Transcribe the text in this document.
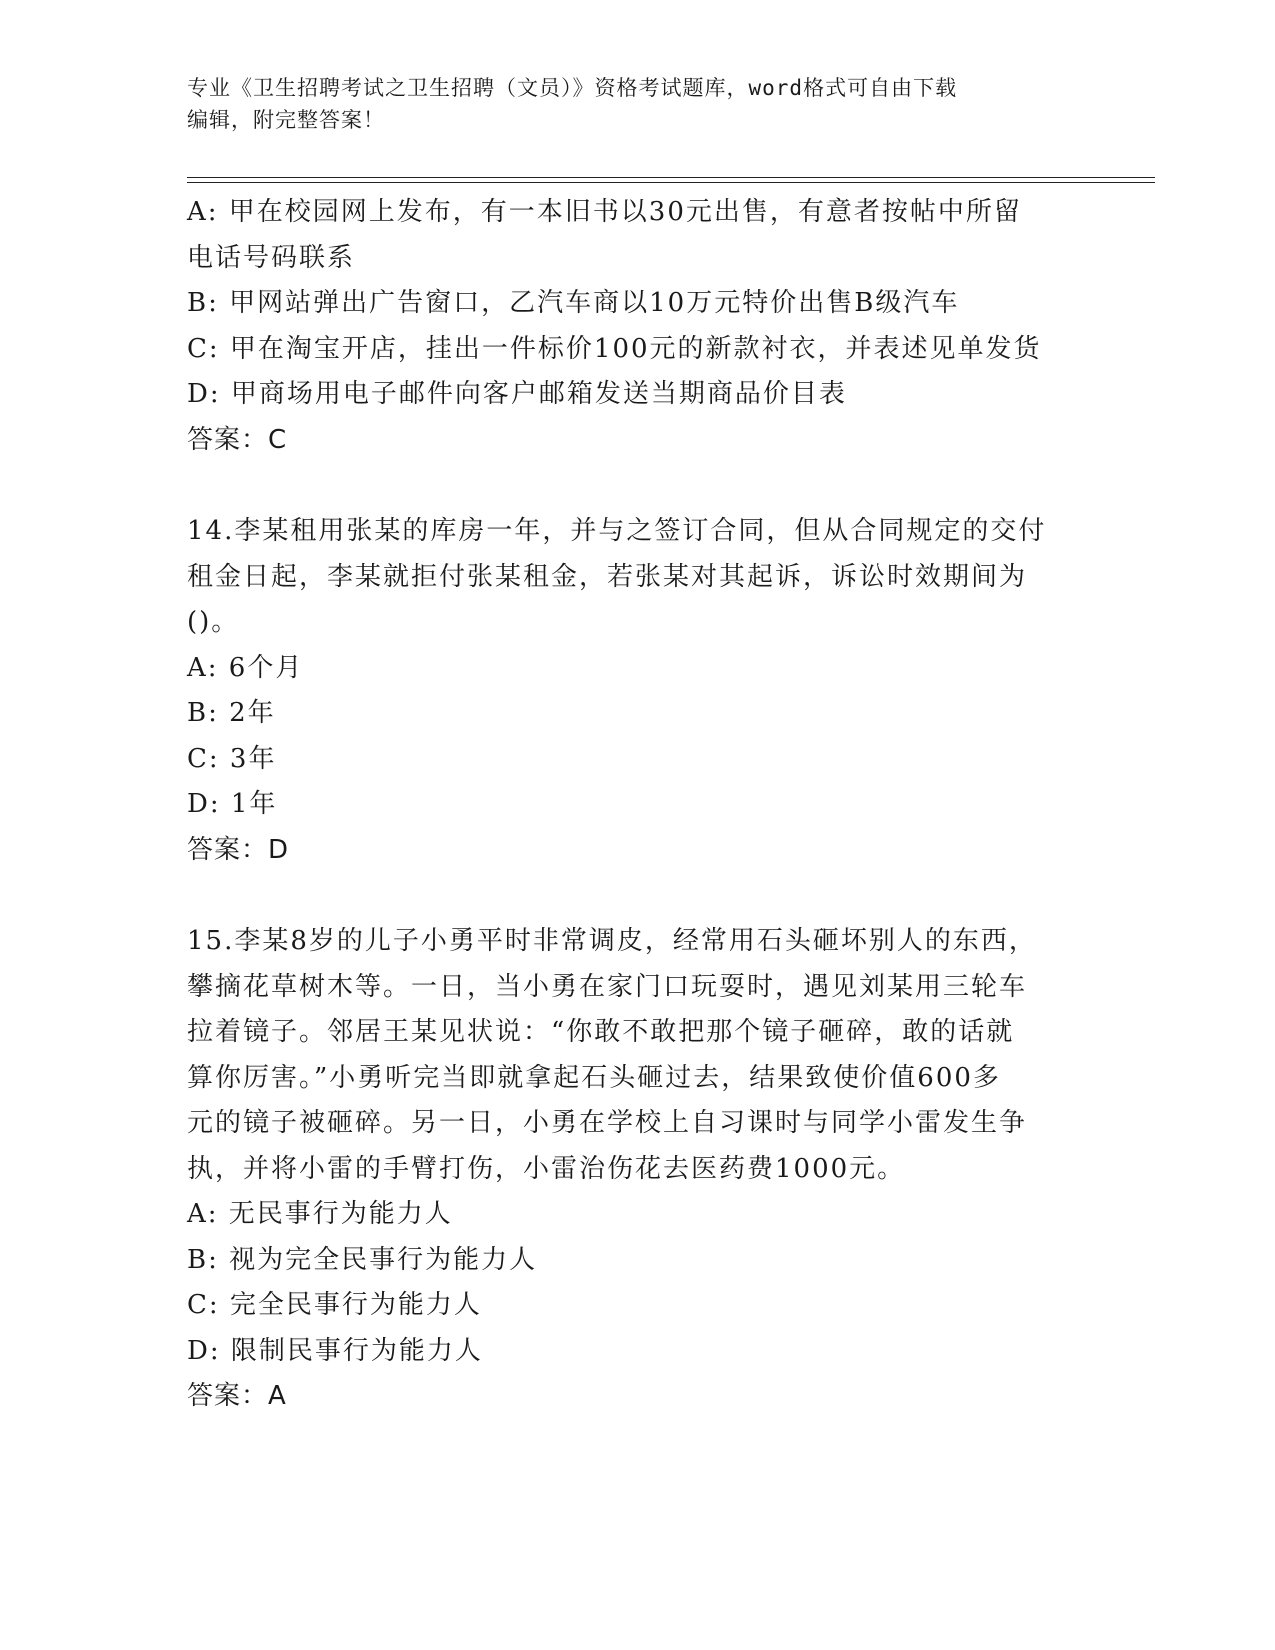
专业《卫生招聘考试之卫生招聘（文员）》资格考试题库，word格式可自由下载
编辑，附完整答案！
A: 甲在校园网上发布，有一本旧书以30元出售，有意者按帖中所留
电话号码联系
B: 甲网站弹出广告窗口，乙汽车商以10万元特价出售B级汽车
C: 甲在淘宝开店，挂出一件标价100元的新款衬衣，并表述见单发货
D: 甲商场用电子邮件向客户邮箱发送当期商品价目表
答案：C
14.李某租用张某的库房一年，并与之签订合同，但从合同规定的交付
租金日起，李某就拒付张某租金，若张某对其起诉，诉讼时效期间为
()。
A: 6个月
B: 2年
C: 3年
D: 1年
答案：D
15.李某8岁的儿子小勇平时非常调皮，经常用石头砸坏别人的东西，
攀摘花草树木等。一日，当小勇在家门口玩耍时，遇见刘某用三轮车
拉着镜子。邻居王某见状说：“你敢不敢把那个镜子砸碎，敢的话就
算你厉害。”小勇听完当即就拿起石头砸过去，结果致使价值600多
元的镜子被砸碎。另一日，小勇在学校上自习课时与同学小雷发生争
执，并将小雷的手臂打伤，小雷治伤花去医药费1000元。
A: 无民事行为能力人
B: 视为完全民事行为能力人
C: 完全民事行为能力人
D: 限制民事行为能力人
答案：A
